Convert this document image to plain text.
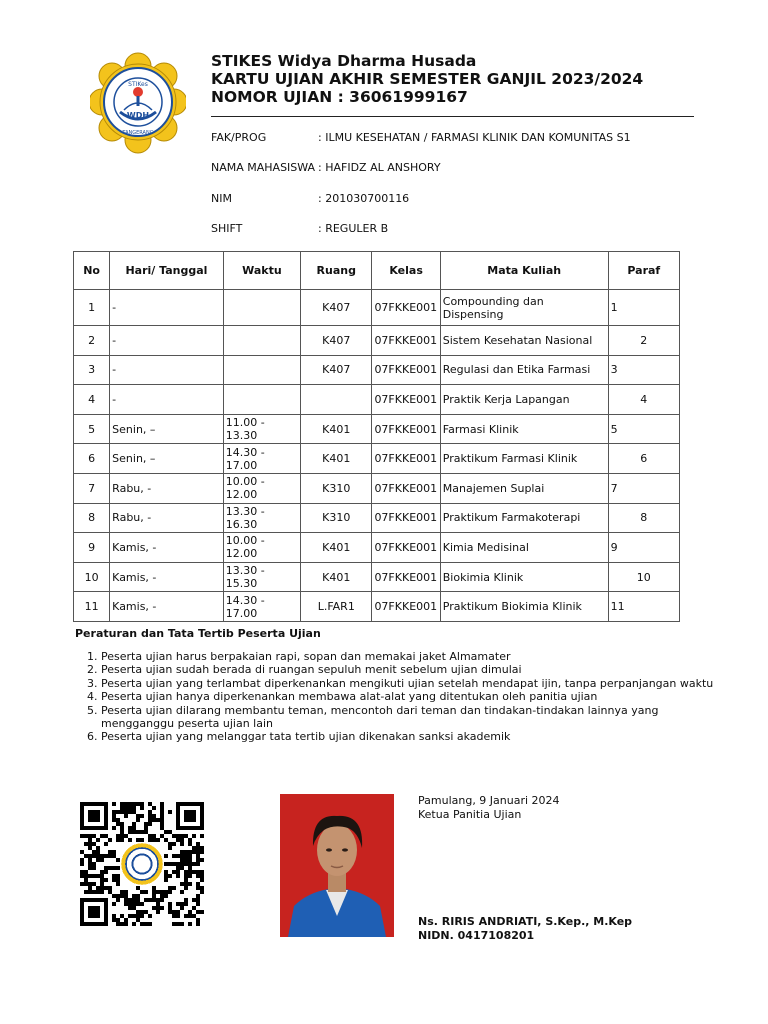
STIKes
WDH
TANGERANG
STIKES Widya Dharma Husada
KARTU UJIAN AKHIR SEMESTER GANJIL 2023/2024
NOMOR UJIAN : 36061999167
FAK/PROG	: ILMU KESEHATAN / FARMASI KLINIK DAN KOMUNITAS S1
NAMA MAHASISWA : HAFIDZ AL ANSHORY
NIM	: 201030700116
SHIFT	: REGULER B
No	Hari/ Tanggal	Waktu	Ruang	Kelas	Mata Kuliah	Paraf
1	-		K407	07FKKE001	Compounding dan Dispensing	1
2	-		K407	07FKKE001	Sistem Kesehatan Nasional	2
3	-		K407	07FKKE001	Regulasi dan Etika Farmasi	3
4	-			07FKKE001	Praktik Kerja Lapangan	4
5	Senin, –	11.00 - 13.30	K401	07FKKE001	Farmasi Klinik	5
6	Senin, –	14.30 - 17.00	K401	07FKKE001	Praktikum Farmasi Klinik	6
7	Rabu, -	10.00 - 12.00	K310	07FKKE001	Manajemen Suplai	7
8	Rabu, -	13.30 - 16.30	K310	07FKKE001	Praktikum Farmakoterapi	8
9	Kamis, -	10.00 - 12.00	K401	07FKKE001	Kimia Medisinal	9
10	Kamis, -	13.30 - 15.30	K401	07FKKE001	Biokimia Klinik	10
11	Kamis, -	14.30 - 17.00	L.FAR1	07FKKE001	Praktikum Biokimia Klinik	11
Peraturan dan Tata Tertib Peserta Ujian
1. Peserta ujian harus berpakaian rapi, sopan dan memakai jaket Almamater
2. Peserta ujian sudah berada di ruangan sepuluh menit sebelum ujian dimulai
3. Peserta ujian yang terlambat diperkenankan mengikuti ujian setelah mendapat ijin, tanpa perpanjangan waktu
4. Peserta ujian hanya diperkenankan membawa alat-alat yang ditentukan oleh panitia ujian
5. Peserta ujian dilarang membantu teman, mencontoh dari teman dan tindakan-tindakan lainnya yang mengganggu peserta ujian lain
6. Peserta ujian yang melanggar tata tertib ujian dikenakan sanksi akademik
Pamulang, 9 Januari 2024
Ketua Panitia Ujian
Ns. RIRIS ANDRIATI, S.Kep., M.Kep
NIDN. 0417108201
